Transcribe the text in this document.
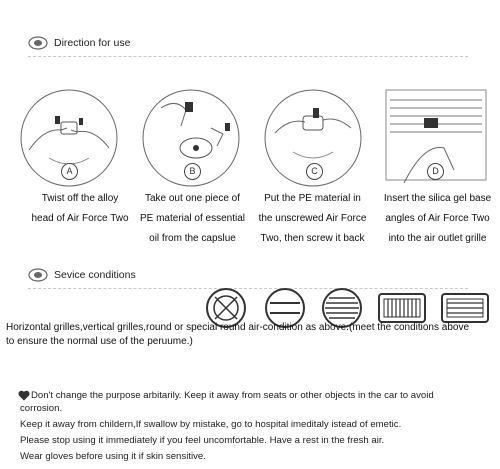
Direction for use
A	B	C	D
Twist off the alloy
head of Air Force Two
Take out one piece of
PE material of essential
oil from the capslue
Put the PE material in
the unscrewed Air Force
Two, then screw it back
Insert the silica gel base
angles of Air Force Two
into the air outlet grille
Sevice conditions
Horizontal grilles,vertical grilles,round or special round air-condition as above.(meet the conditions above
to ensure the normal use of the peruume.)

Don't change the purpose arbitarily. Keep it away from seats or other objects in the car to avoid

corrosion.

Keep it away from childern,If swallow by mistake, go to hospital imeditaly istead of emetic.

Please stop using it immediately if you feel uncomfortable. Have a rest in the fresh air.

Wear gloves before using it if skin sensitive.
